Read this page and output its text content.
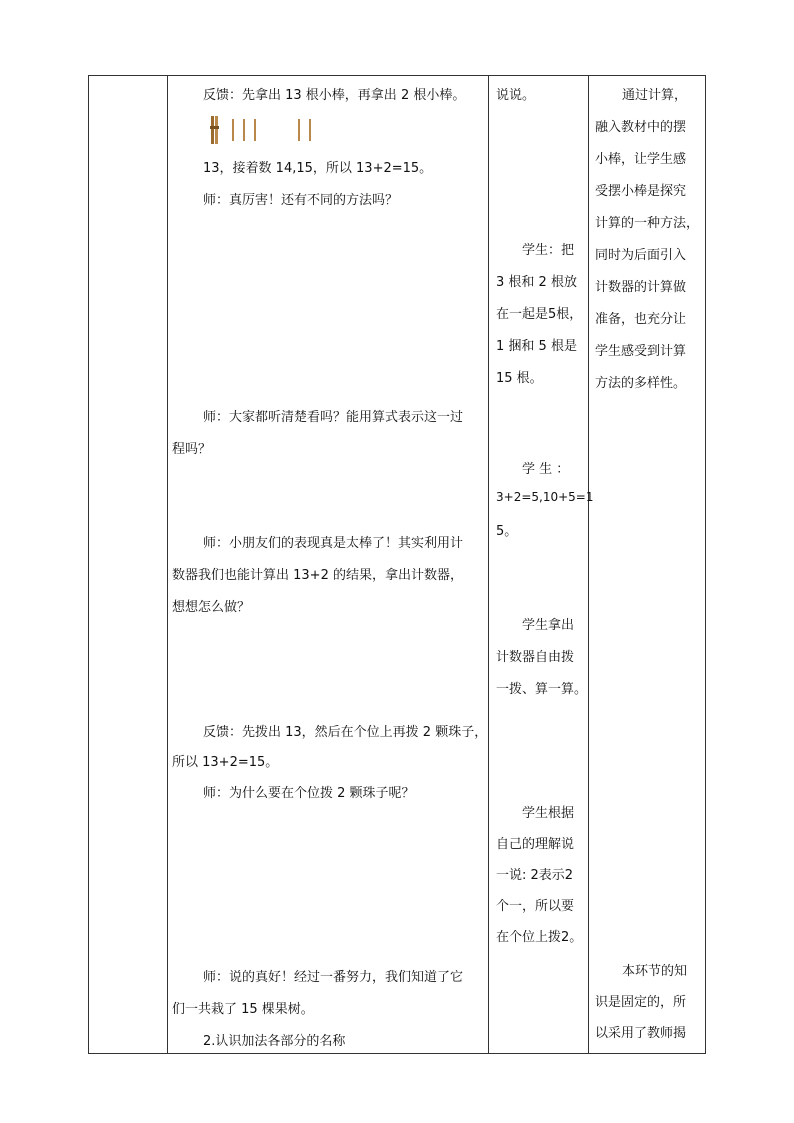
反馈：先拿出 13 根小棒，再拿出 2 根小棒。
13，接着数 14,15，所以 13+2=15。
师：真厉害！还有不同的方法吗？
师：大家都听清楚看吗？能用算式表示这一过
程吗？
师：小朋友们的表现真是太棒了！其实利用计
数器我们也能计算出 13+2 的结果，拿出计数器，
想想怎么做？
反馈：先拨出 13，然后在个位上再拨 2 颗珠子，
所以 13+2=15。
师：为什么要在个位拨 2 颗珠子呢？
师：说的真好！经过一番努力，我们知道了它
们一共栽了 15 棵果树。
2.认识加法各部分的名称
说说。
学生：把
3 根和 2 根放
在一起是5根，
1 捆和 5 根是
15 根。
学 生 ：
3+2=5,10+5=1
5。
学生拿出
计数器自由拨
一拨、算一算。
学生根据
自己的理解说
一说: 2表示2
个一，所以要
在个位上拨2。
通过计算，
融入教材中的摆
小棒，让学生感
受摆小棒是探究
计算的一种方法，
同时为后面引入
计数器的计算做
准备，也充分让
学生感受到计算
方法的多样性。
本环节的知
识是固定的，所
以采用了教师揭
